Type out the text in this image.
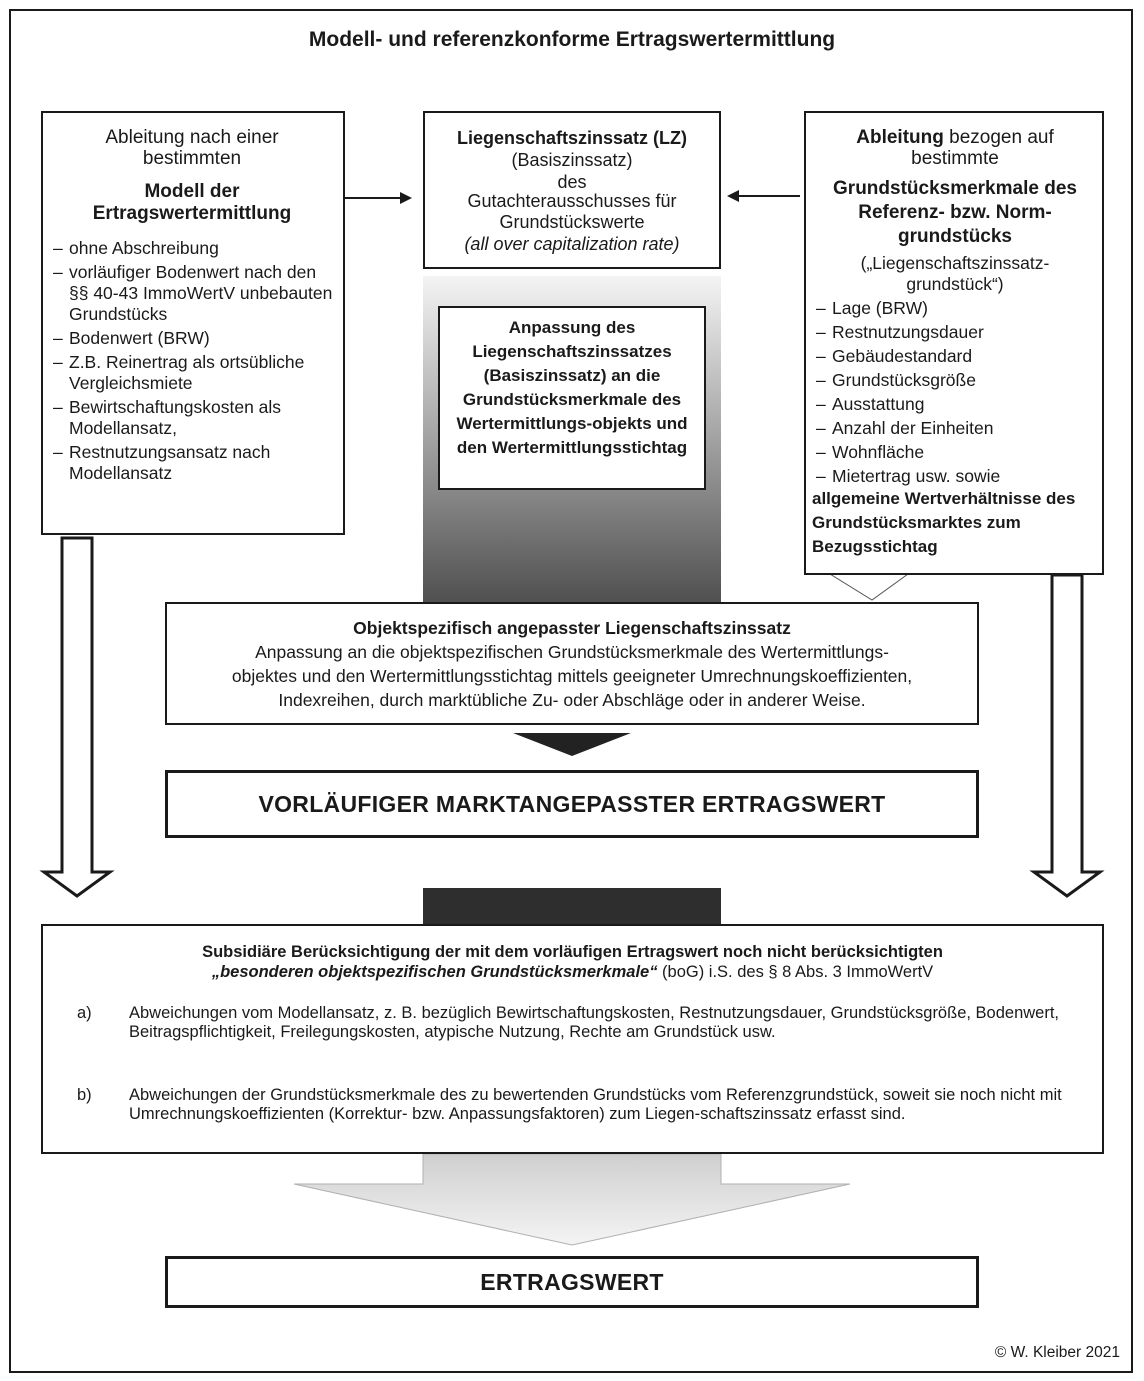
Modell- und referenzkonforme Ertragswertermittlung
Ableitung nach einer bestimmten
Modell der Ertragswertermittlung
– ohne Abschreibung
– vorläufiger Bodenwert nach den §§ 40-43 ImmoWertV unbebauten Grundstücks
– Bodenwert (BRW)
– Z.B. Reinertrag als ortsübliche Vergleichsmiete
– Bewirtschaftungskosten als Modellansatz,
– Restnutzungsansatz nach Modellansatz
Liegenschaftszinssatz (LZ)
(Basiszinssatz)
des
Gutachterausschusses für
Grundstückswerte
(all over capitalization rate)
Anpassung des Liegenschaftszinssatzes (Basiszinssatz) an die Grundstücksmerkmale des Wertermittlungs-objekts und den Wertermittlungsstichtag
Ableitung bezogen auf bestimmte
Grundstücksmerkmale des Referenz- bzw. Norm-grundstücks
(„Liegenschaftszinssatz-grundstück“)
– Lage (BRW)
– Restnutzungsdauer
– Gebäudestandard
– Grundstücksgröße
– Ausstattung
– Anzahl der Einheiten
– Wohnfläche
– Mietertrag usw. sowie
allgemeine Wertverhältnisse des Grundstücksmarktes zum Bezugsstichtag
Objektspezifisch angepasster Liegenschaftszinssatz
Anpassung an die objektspezifischen Grundstücksmerkmale des Wertermittlungs-
objektes und den Wertermittlungsstichtag mittels geeigneter Umrechnungskoeffizienten,
Indexreihen, durch marktübliche Zu- oder Abschläge oder in anderer Weise.
VORLÄUFIGER MARKTANGEPASSTER ERTRAGSWERT
Subsidiäre Berücksichtigung der mit dem vorläufigen Ertragswert noch nicht berücksichtigten
„besonderen objektspezifischen Grundstücksmerkmale“ (boG) i.S. des § 8 Abs. 3 ImmoWertV
a) Abweichungen vom Modellansatz, z. B. bezüglich Bewirtschaftungskosten, Restnutzungsdauer, Grundstücksgröße, Bodenwert, Beitragspflichtigkeit, Freilegungskosten, atypische Nutzung, Rechte am Grundstück usw.
b) Abweichungen der Grundstücksmerkmale des zu bewertenden Grundstücks vom Referenzgrundstück, soweit sie noch nicht mit Umrechnungskoeffizienten (Korrektur- bzw. Anpassungsfaktoren) zum Liegen-schaftszinssatz erfasst sind.
ERTRAGSWERT
© W. Kleiber 2021
